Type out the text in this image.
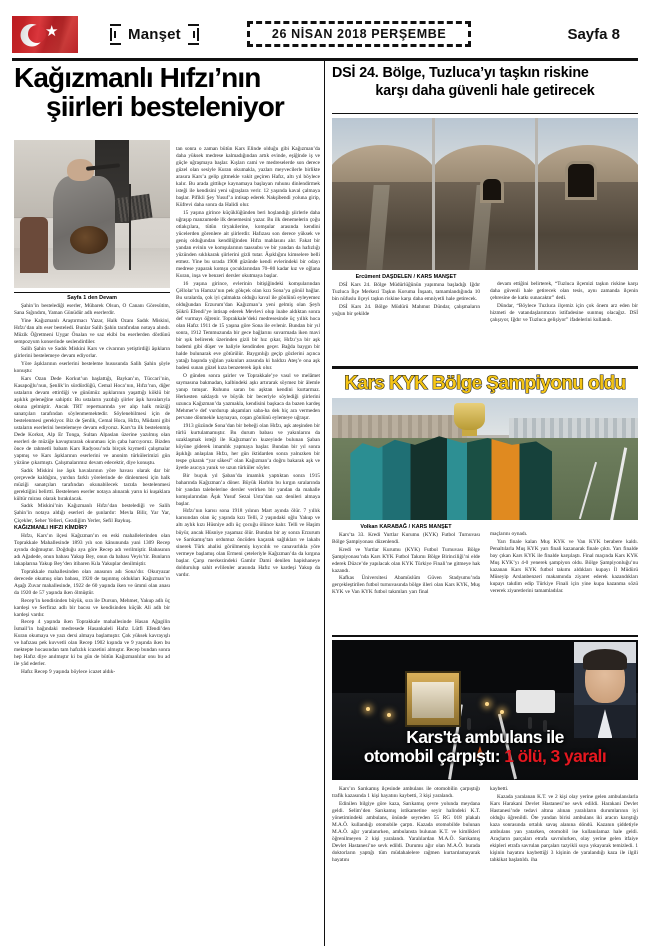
★
Manşet	26 NİSAN 2018 PERŞEMBE	Sayfa 8
Kağızmanlı Hıfzı’nın
şiirleri besteleniyor

Sayfa 1 den Devam

Şahin’in bestelediği eserler, Mübarek Olsun, O Cananı Göresütim, Sana Sığındım, Yaman Günüdür adlı eserlerdir.

Yine Kağızmanlı Araştırmacı Yazar, Halk Ozanı Sadık Miskini, Hıfzı’dan altı eser besteledi. Bunlar Salih Şahin tarafından notaya alındı. Müzik Öğretmeni Uygar Önalan ve saz ekibi bu eserlerden dördünü sempozyum konserinde seslendirdiler.

Salih Şahin ve Sadık Miskini Kars ve civarının yetiştirdiği âşıkların şiirlerini bestelemeye devam ediyorlar.

Yöre âşıklarının eserlerini besteleme hususunda Salih Şahin şöyle konuştu:

Kars Ozan Dede Korkut’un başlattığı, Baykan’ın, Tüccari’nin, Kasapoğlu’nun, Şenlik’in sürdürdüğü, Cemal Hoca’nın, Hıfzı’nın, diğer ustaların devam ettirdiği ve günümüz aşıklarının yaşattığı köklü bir aşıklık geleneğine sahiptir. Bu ustaların yazdığı şiirler âşık havalarıyla okuna gelmiştir. Ancak TRT repertuarında yer alıp halk müziği sanatçıları tarafından söylenmemektedir. Söylenebilmesi için de bestelenmesi gerekiyor. Biz de Şenlik, Cemal Hoca, Hıfzı, Müdami gibi ustaların eserlerini bestelemeye devam ediyoruz. Kars’ta ilk bestelenmiş Dede Korkut, Alp Er Tonga, Sultan Alpaslan üzerine yazılmış olan eserleri de müziğe kavuşturarak okunması için çaba harcıyoruz. Bizden önce de rahmetli babam Kars Radyosu’nda birçok kıymetli çalışmalar yapmış ve Kars âşıklarının eserlerini ve anonim türkülerimizi gün yüzüne çıkarmıştı. Çalışmalarımız devam edecektir, diye konuştu.

Sadık Miskini ise âşık havalarının yöre havası olarak dar bir çerçevede kaldığını, yurdun farklı yörelerinde de dinlenmesi için halk müziği sanatçıları tarafından okunabilecek tarzda bestelenmesi gerektiğini belirtti. Bestelenen eserler notaya alınarak yarın ki kuşaklara kültür mirası olarak bırakılacak.

Sadık Miskini’nin Kağızmanlı Hıfzı’dan bestelediği ve Salih Şahin’in notaya aldığı eserleri de şunlardır: Mevla Bilir, Yar Yar, Çiçekler, Seher Yelleri, Gezdiğim Yerler, Sefil Baykuş.

KAĞIZMANLI HIFZI KİMDİR?

Hıfzı, Kars’ın ilçesi Kağızman’ın en eski mahallelerinden olan Toprakkale Mahallesinde 1893 yılı son kânununda yani 1309 Recep ayında doğmuştur. Doğduğu aya göre Recep adı verilmiştir. Babasının adı Ağadede, onun babası Yakup Bey, onun da babası Veyis’tir. Bunların lakaplarına Yakup Bey’den itibaren Kıla Yakuplar denilmiştir.

Toprakkale mahallesinden olan anasının adı Sona’dır. Okuryazar derecede okumuş olan babası, 1920 de taşınmış oldukları Kağızman’ın Aşağı Zuvar mahallesinde, 1922 de 60 yaşında iken ve ümmi olan anası da 1920 de 57 yaşında iken ölmüştür.

Recep’in kendisinden büyük, sıra ile Dursun, Mehmet, Yakup adlı üç kardeşi ve Serfiraz adlı bir bacısı ve kendisinden küçük Ali adlı bir kardeşi vardır.

Recep 4 yaşında iken Toprakkale mahallesinde Hasan Ağagilin İsmail’in bağındaki medresede Hasankaleli Hafız Lütfi Efendi’den Kuran okumaya ve yazı dersi almaya başlamıştır. Çok yüksek kavrayışlı ve hafızası pek kuvvetli olan Recep 1902 kışında ve 9 yaşında iken bu mektepte hocasından tam hafızlık icazetini almıştır. Recep bundan sonra hep Hafız diye anılmıştır ki bu gün de bütün Kağızmanlılar onu bu ad ile yâd ederler.

Hafız Recep 9 yaşında böylece icazet aldık-

tan sonra o zaman bütün Kars Elinde olduğu gibi Kağızman’da daha yüksek medrese kalmadığından artık evinde, eşiğinde iş ve güçle uğraşmaya başlar. Kışları cami ve medreselerde son derece güzel olan sesiyle Kuran okumakla, yazları meyvecilerle birlikte arasıra Kars’a gelip gitmekle vakit geçiren Hafız, altı yıl böylece kalır. Bu arada gittikçe kaynamaya başlayan ruhunu dinlendirmek isteği ile kendisini yeni uğraşlara verir. 12 yaşında kaval çalmaya başlar. Pifikli Şey Yusuf’a intisap ederek Nakşibendi yoluna girip, Küfrevi daha sonra da Halidi olur.

15 yaşına girince küçüklüğünden beri hoşlandığı şiirlerle daha uğraşıp manzumede ilk denemesini yazar. Bu ilk denemelerin çoğu otlakçılara, tütün tiryakilerine, komşular arasında kendini yücelerden görenlere ait şiirlerdir. Hafızası son derece yüksek ve geniş olduğundan kendiliğinden Hıfzı mahlasını alır. Fakat bir yandan evinin ve komşularının taassubu ve bir yandan da hafızlığı yüzünden sıklıkarak şiirlerini gizli tutar. Âşıklığını kimselere belli etmez. Yine bu sırada 1908 güzünde kendi evlerindeki bir odayı medrese yaparak komşu çocuklarından 70–80 kadar kız ve oğlana Kuran, inşa ve benzeri dersler okutmaya başlar.

16 yaşına girince, evlerinin bitişiğindeki komşularından Çéllolar’ın Hamza’nın pek gökçek olan kızı Sona’ya gönül bağlar. Bu sıralarda, çok iyi çalmakta olduğu kaval ile gönlünü eyleyemez olduğundan Erzurum’dan Kağızman’a yeni gelmiş olan Şeyh Şükrü Efendi’ye intisap ederek Mevlevi olup inabe aldıktan sonra def vurmayı öğrenir. Toprakkale’deki medresesinde üç yıllık hoca olan Hafız 1911 de 15 yaşına göre Sona ile evlenir. Bundan bir yıl sonra, 1912 Temmuzunda bir gece bağlarını suvarmada iken mavi bir ışık belirerek üzerinden gizli bir hız çıkar, Hıfzı’ya bir aşk bademi gibi düşer ve haliyle kendinden geçer. Bağda baygın bir halde bulunarak eve götürülür. Baygınlığı geçip gözlerini açınca yatağı başında yığılan yakınları arasında ki baldızı Ateş’e ona aşk badesi sunan güzel kıza benzeterek âşık olur.

O günden sonra şairler ve Toprakkale’ye vasıl ve melâmet saymasına bakmadan, kalbindeki aşkı artırarak söymez bir âlemle yanıp tutuşur. Ruhunu saran bu aşktan kendini kurtarmaz. Herkesten saklaydı ve büyük bir beceriyle söylediği şiirlerini uzunca Kağızman’da yazmakla, kendisini başkaca da bazen kardeş Mehmet’e def vurdurup akşamları saba-ha dek hiç ara vermeden pervane dönmekle kaynayan, coşan gönlünü eylemeye uğraşır.

1913 güzünde Sona’dan bir bebeği olan Hıfzı, aşk ateşinden bir türlü kurtulamamıştır. Bu durum babası ve yakınlarını da uzaklaşmak isteği ile Kağızman’ın kuzeyinde bulunan Şaban köyüne giderek imamlık yapmaya başlar. Bundan bir yıl sonra âşıklığı anlaşılan Hıfzı, her gün iktidarden sonra yalnızken bir tespe çıkarak “yar sâkesi” olan Kağızman’a doğru bakarak aşk ve âyetle asıcıya yanık ve uzun türküler söyler.

Bir buçuk yıl Şaban’da imamlık yaptıktan sonra 1915 baharında Kağızman’a döner. Büyük Harbin bu kırgın sıralarında bir yandan talebelerine dersler verirken bir yandan da mahalle komşularından Âşık Yusuf Sezai Usta’dan saz denileri almaya başlar.

Hıfzı’nın karısı sona 1918 yılının Mart ayında ölür. 7 yıllık karısından olan üç yaşında kızı Telli, 2 yaşındaki oğlu Yakup ve altı aylık kızı Hüsniye adlı üç çocuğu ölünce kalır. Telli ve Haşim büyür, ancak Hüsniye yaşamaz ölür. Bundan bir ay sonra Erzurum ve Sarıkamış’tan ordumuz öncüden kaçarak sağlıkları ve lakabı sinerek Türk ahalisi görülmemiş kıyıcılık ve canavarlıkla yöre vermeye başlamış olan Ermeni çeteleriyle Kağızman’da da kırgına başlar. Çarşı merkezindeki Gamlır Dami denilen hapishaneye doldurulup sahit evlilenler arasında Hafız ve kardeşi Yakup da vardır.

DSİ 24. Bölge, Tuzluca’yı taşkın riskine
karşı daha güvenli hale getirecek

Ercüment DAŞDELEN / KARS MANŞET

DSİ Kars 24. Bölge Müdürlüğünün yapımına başladığı Iğdır Tuzluca İlçe Merkezi Taşkın Koruma İnşaatı, tamamlandığında 10 bin nüfuslu ilçeyi taşkın riskine karşı daha emniyetli hale getirecek.

DSİ Kars 24. Bölge Müdürü Mahmut Dündar, çalışmaların yoğun bir şekilde

devam ettiğini belirterek, “Tuzluca ilçemizi taşkın riskine karşı daha güvenli hale getirecek olan tesis, aynı zamanda ilçenin çehresine de katkı sunacaktır” dedi.

Dündar, “Böylece Tuzluca ilçemiz için çok önem arz eden bir hizmeti de vatandaşlarımızın istifadesine sunmuş olacağız. DSİ çalışıyor, Iğdır ve Tuzluca gelişiyor” ifadelerini kullandı.

Kars KYK Bölge Şampiyonu oldu

Volkan KARABAĞ / KARS MANŞET

Kars’ta 33. Kredi Yurtlar Kurumu (KYK) Futbol Turnuvası Bölge Şampiyonası düzenlendi.

Kredi ve Yurtlar Kurumu (KYK) Futbol Turnuvası Bölge Şampiyonası’nda Kars KYK Futbol Takımı Bölge Birinciliği’ni elde ederek Düzce’de yapılacak olan KYK Türkiye Finali’ne gitmeye hak kazandı.

Kafkas Üniversitesi Abamüslüm Güven Stadyumu’nda gerçekleştirilen futbol turnuvasında bölge illeri olan Kars KYK, Muş KYK ve Van KYK futbol takımları yarı final

maçlarını oynadı.

Yarı finale kalan Muş KYK ve Van KYK berabere kaldı. Penaltılarla Muş KYK yarı finali kazanarak finale çıktı. Yarı finalde bay çıkan Kars KYK ile finalde karşılaştı. Final maçında Kars KYK Muş KYK’yı 4-0 yenerek şampiyon oldu. Bölge Şampiyonluğu’nu kazanan Kars KYK futbol takımı aldıkları kupayı İl Müdürü Müseyip Arslanbenzeri makamında ziyaret ederek kazandıkları kupayı takdim edip Türkiye Finali için yine kupa kazanma sözü vererek ziyaretlerini tamamladılar.

Kars'ta ambulans ile
otomobil çarpıştı: 1 ölü, 3 yaralı

Kars’ın Sarıkamış ilçesinde ambulans ile otomobilin çarpıştığı trafik kazasında 1 kişi hayatını kaybetti, 3 kişi yaralandı.

Edinilen bilgiye göre kaza, Sarıkamış çevre yolunda meydana geldi. Selim’den Sarıkamış istikametine seyir halindeki K.T. yönetimindeki ambulans, önünde seyreden 55 RG 018 plakalı M.A.Ö. kullandığı otomobile çarptı. Kazada otomobilde bulunan M.A.Ö. ağır yaralanırken, ambulansta bulunan K.T. ve kimlikleri öğrenilmeyen 2 kişi yaralandı. Yaralılardan M.A.Ö. Sarıkamış Devlet Hastanesi’ne sevk edildi. Durumu ağır olan M.A.Ö. burada doktorların yaptığı tüm müdahalelere rağmen kurtarılamayarak hayatını

kaybetti.

Kazada yaralanan K.T. ve 2 kişi olay yerine gelen ambulanslarla Kars Harakani Devlet Hastanesi’ne sevk edildi. Harakani Devlet Hastanesi’nde tedavi altına alınan yaralıların durumlarının iyi olduğu öğrenildi. Öte yandan birisi ambulans iki aracın karıştığı kaza sonrasında ortalık savaş alanına döndü. Kazanın şiddetiyle ambulans yan yatarken, otomobil ise kullanılamaz hale geldi. Araçların parçaları etrafa savrulurken, olay yerine gelen itfaiye ekipleri etrafa savrulan parçaları tazyikli suya yıkayarak temizledi. 1 kişinin hayatını kaybettiği 3 kişinin de yaralandığı kaza ile ilgili tahkikat başlatıldı. iha
